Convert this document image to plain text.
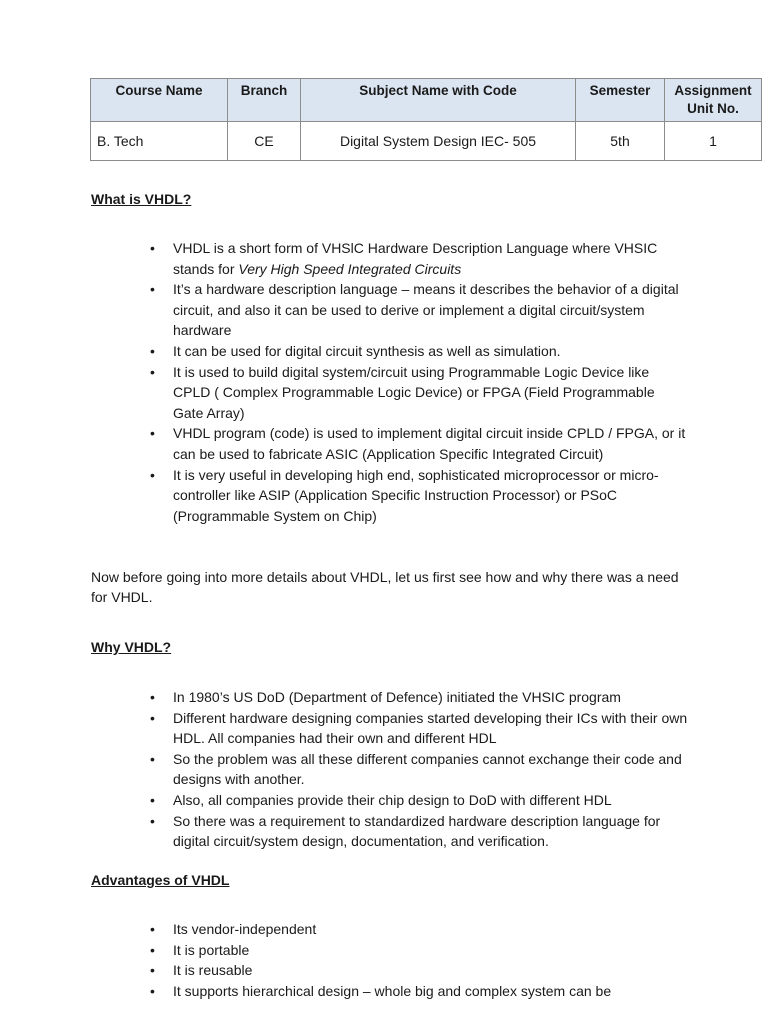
Course Name	Branch	Subject Name with Code	Semester	Assignment Unit No.
B. Tech	CE	Digital System Design IEC- 505	5th	1
What is VHDL?
• VHDL is a short form of VHSlC Hardware Description Language where VHSIC stands for Very High Speed Integrated Circuits
• It’s a hardware description language – means it describes the behavior of a digital circuit, and also it can be used to derive or implement a digital circuit/system hardware
• It can be used for digital circuit synthesis as well as simulation.
• It is used to build digital system/circuit using Programmable Logic Device like CPLD ( Complex Programmable Logic Device) or FPGA (Field Programmable Gate Array)
• VHDL program (code) is used to implement digital circuit inside CPLD / FPGA, or it can be used to fabricate ASIC (Application Specific Integrated Circuit)
• It is very useful in developing high end, sophisticated microprocessor or micro-controller like ASIP (Application Specific Instruction Processor) or PSoC (Programmable System on Chip)

Now before going into more details about VHDL, let us first see how and why there was a need for VHDL.

Why VHDL?
• In 1980’s US DoD (Department of Defence) initiated the VHSIC program
• Different hardware designing companies started developing their ICs with their own HDL. All companies had their own and different HDL
• So the problem was all these different companies cannot exchange their code and designs with another.
• Also, all companies provide their chip design to DoD with different HDL
• So there was a requirement to standardized hardware description language for digital circuit/system design, documentation, and verification.
Advantages of VHDL
• Its vendor-independent
• It is portable
• It is reusable
• It supports hierarchical design – whole big and complex system can be
